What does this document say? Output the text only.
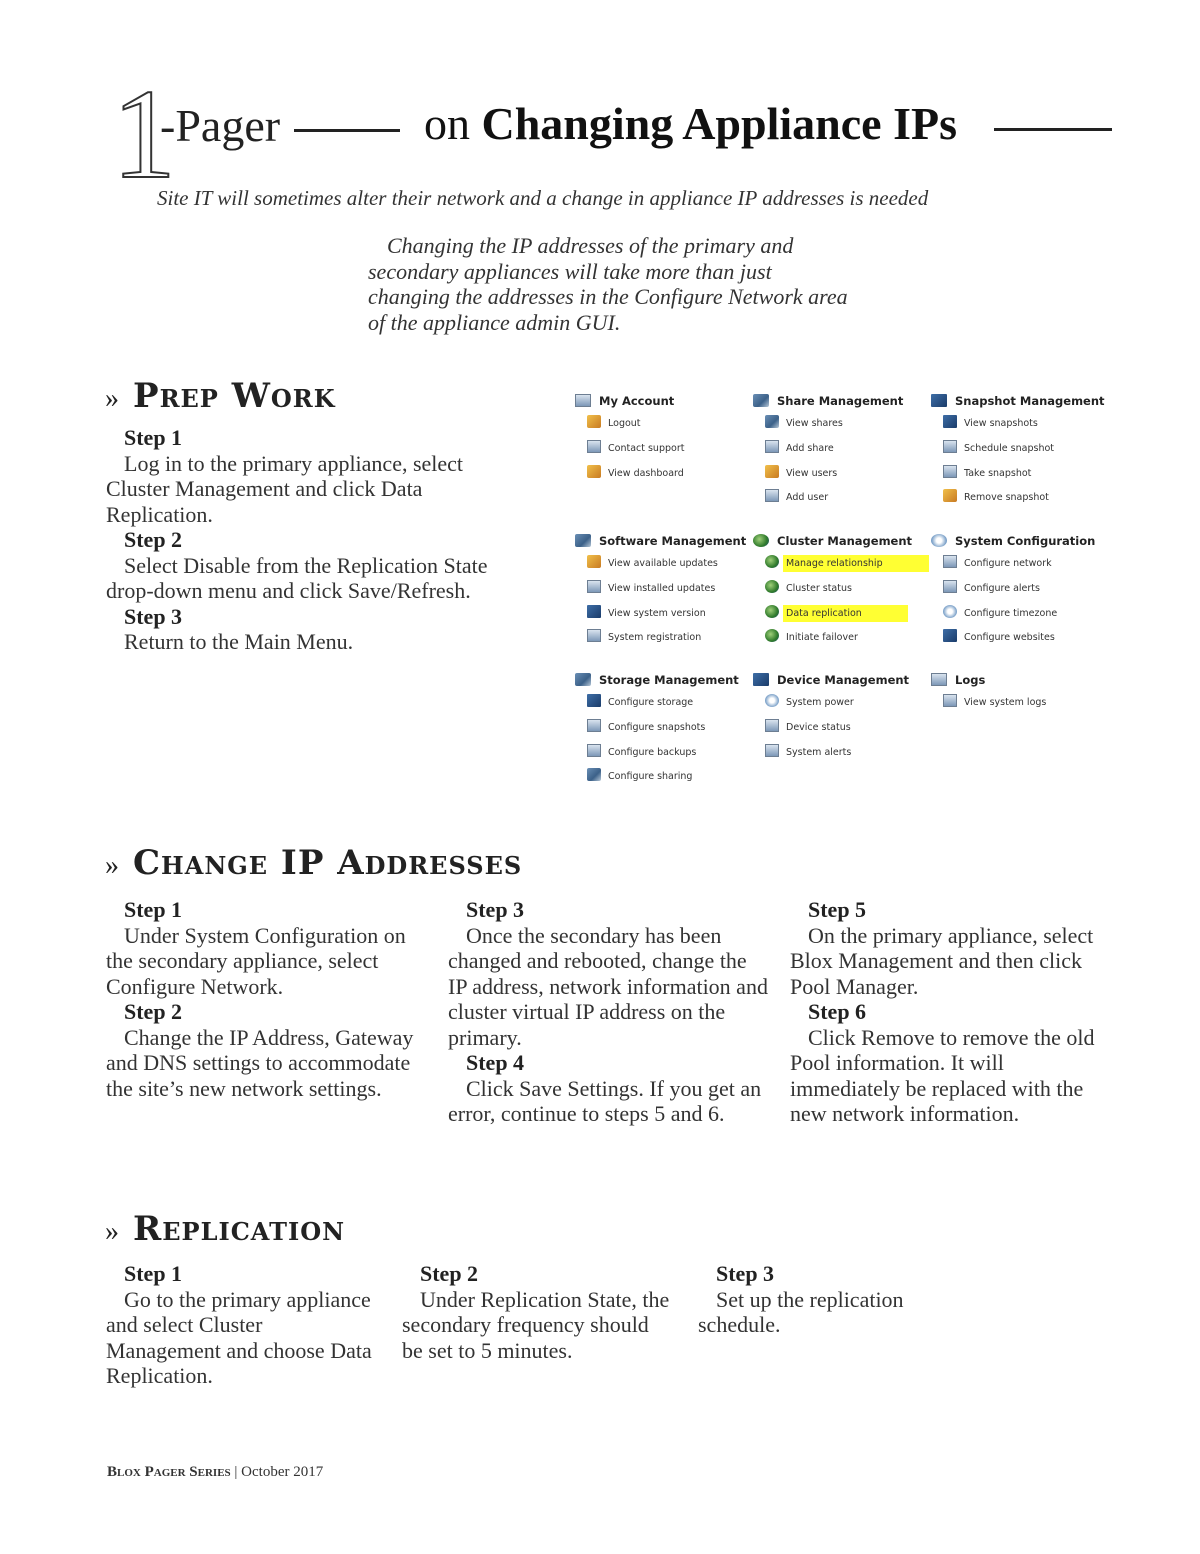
1
-Pager	on Changing Appliance IPs
Site IT will sometimes alter their network and a change in appliance IP addresses is needed
Changing the IP addresses of the primary and secondary appliances will take more than just changing the addresses in the Configure Network area of the appliance admin GUI.
» Prep Work
Step 1
Log in to the primary appliance, select Cluster Management and click Data Replication.
Step 2
Select Disable from the Replication State drop-down menu and click Save/Refresh.
Step 3
Return to the Main Menu.
My Account
Logout
Contact support
View dashboard
Share Management
View shares
Add share
View users
Add user
Snapshot Management
View snapshots
Schedule snapshot
Take snapshot
Remove snapshot
Software Management
View available updates
View installed updates
View system version
System registration
Cluster Management
Manage relationship
Cluster status
Data replication
Initiate failover
System Configuration
Configure network
Configure alerts
Configure timezone
Configure websites
Storage Management
Configure storage
Configure snapshots
Configure backups
Configure sharing
Device Management
System power
Device status
System alerts
Logs
View system logs
» Change IP Addresses
Step 1
Under System Configuration on the secondary appliance, select Configure Network.
Step 2
Change the IP Address, Gateway and DNS settings to accommodate the site’s new network settings.
Step 3
Once the secondary has been changed and rebooted, change the IP address, network information and cluster virtual IP address on the primary.
Step 4
Click Save Settings. If you get an error, continue to steps 5 and 6.
Step 5
On the primary appliance, select Blox Management and then click Pool Manager.
Step 6
Click Remove to remove the old Pool information. It will immediately be replaced with the new network information.
» Replication
Step 1
Go to the primary appliance and select Cluster Management and choose Data Replication.
Step 2
Under Replication State, the secondary frequency should be set to 5 minutes.
Step 3
Set up the replication schedule.
Blox Pager Series | October 2017
